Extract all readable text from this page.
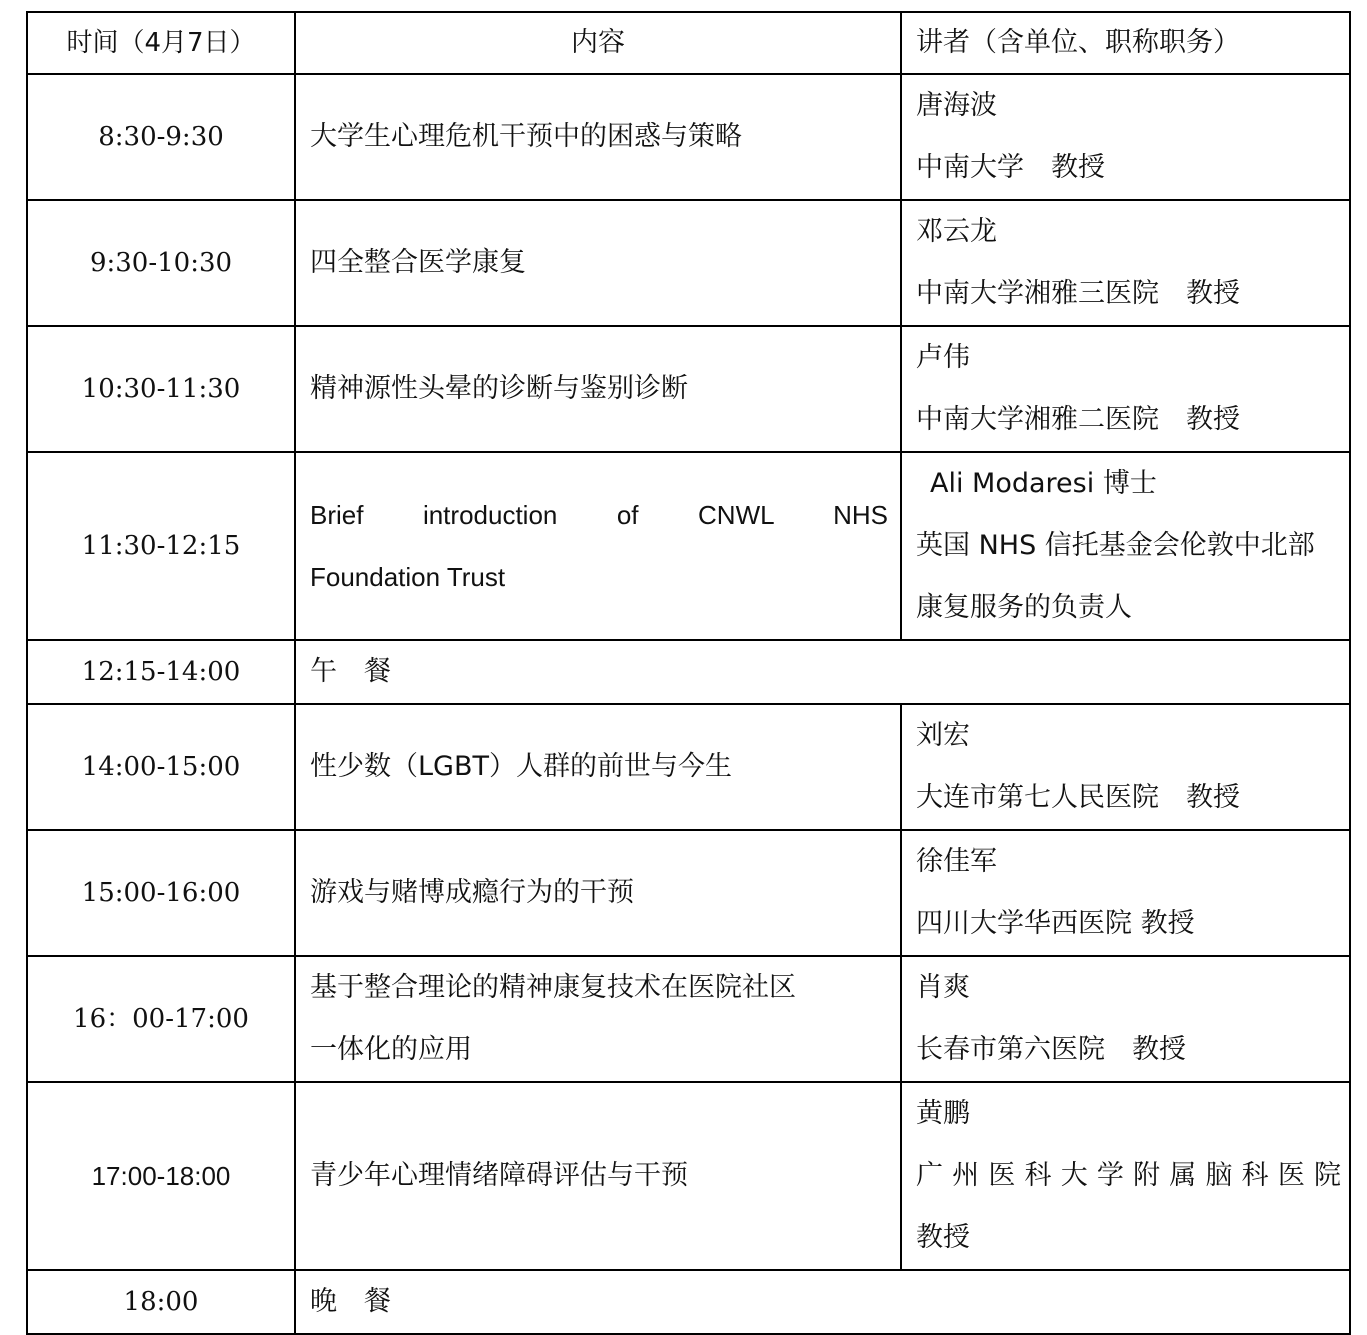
时间（4月7日）	内容	讲者（含单位、职称职务）
8:30-9:30	大学生心理危机干预中的困惑与策略	唐海波
中南大学　教授

9:30-10:30	四全整合医学康复	邓云龙
中南大学湘雅三医院　教授

10:30-11:30	精神源性头晕的诊断与鉴别诊断	卢伟
中南大学湘雅二医院　教授

11:30-12:15	Brief introduction of CNWL NHS
Foundation Trust	Ali Modaresi 博士
英国 NHS 信托基金会伦敦中北部
康复服务的负责人

12:15-14:00	午　餐	
14:00-15:00	性少数（LGBT）人群的前世与今生	刘宏
大连市第七人民医院　教授

15:00-16:00	游戏与赌博成瘾行为的干预	徐佳军
四川大学华西医院 教授

16：00-17:00	基于整合理论的精神康复技术在医院社区
一体化的应用	肖爽
长春市第六医院　教授

17:00-18:00	青少年心理情绪障碍评估与干预	黄鹏
广州医科大学附属脑科医院
教授

18:00	晚　餐	
